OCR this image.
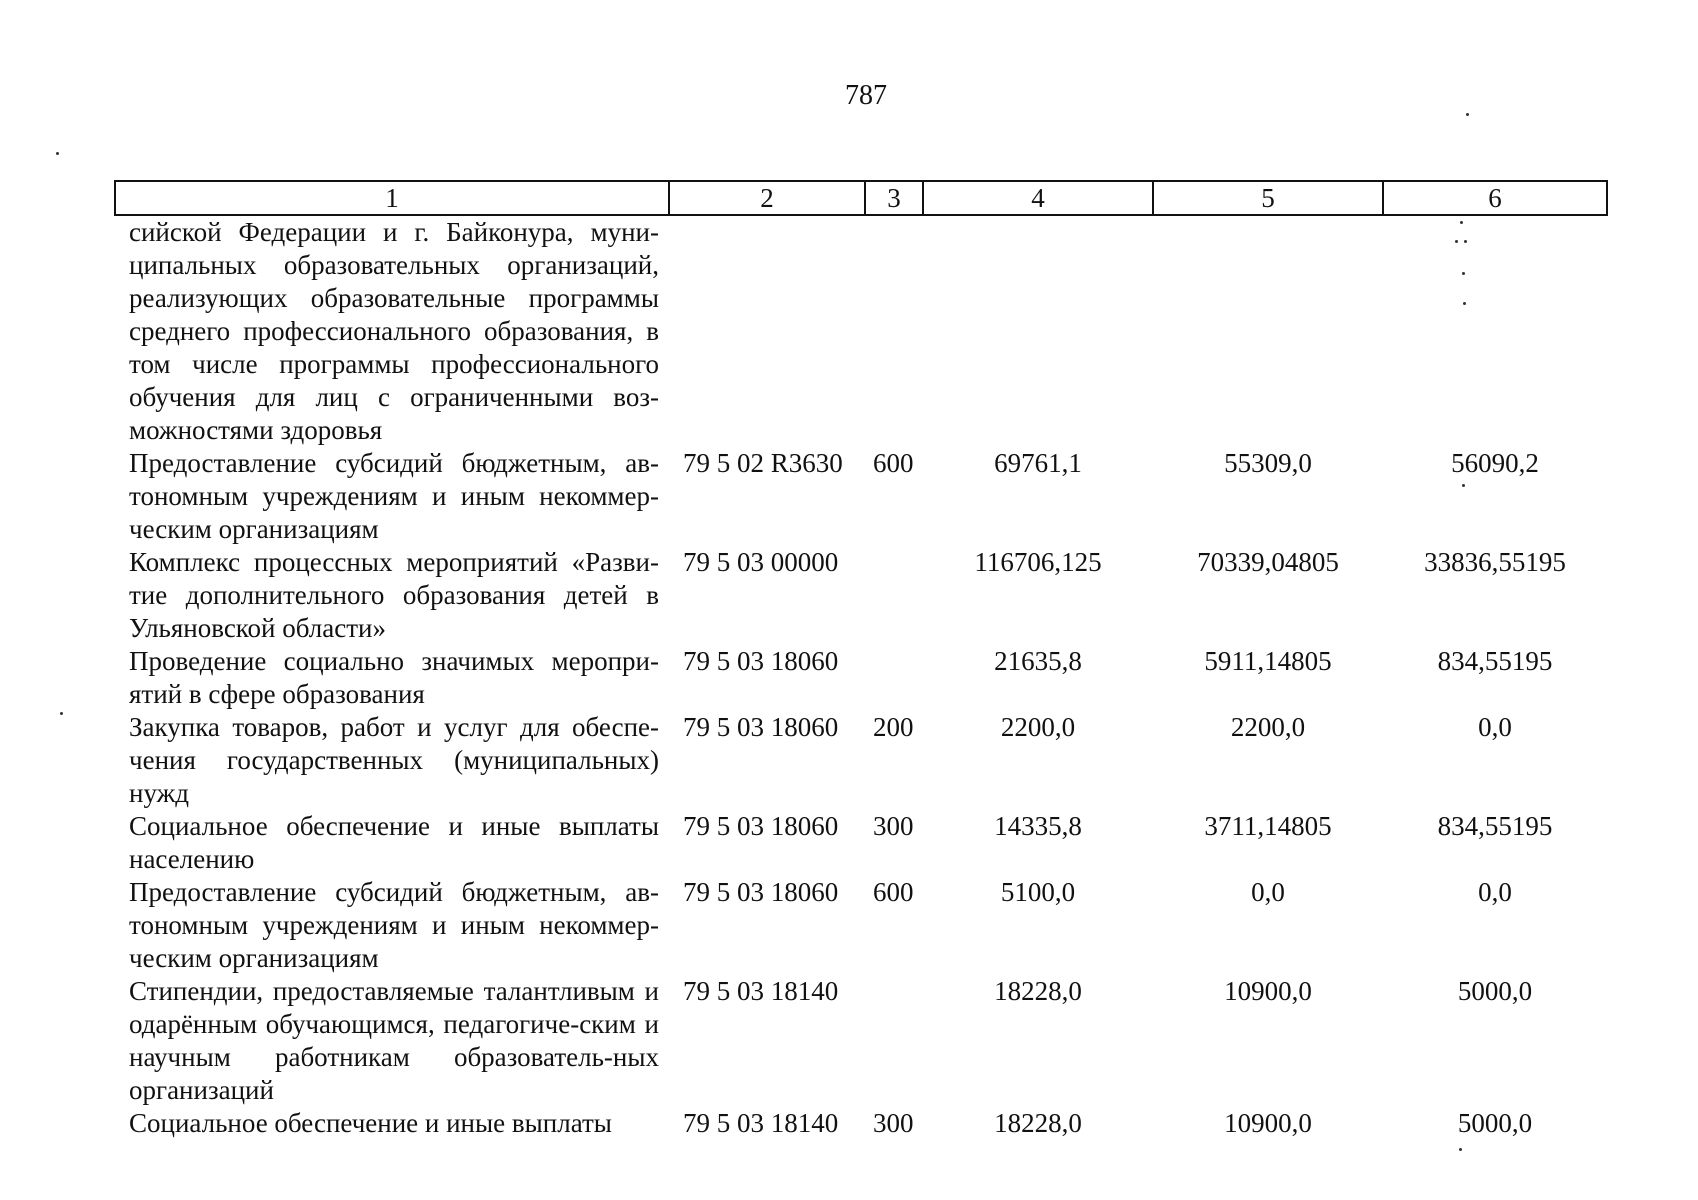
787
1	2	3	4	5	6
сийской Федерации и г. Байконура, муни-ципальных образовательных организаций, реализующих образовательные программы среднего профессионального образования, в том числе программы профессионального обучения для лиц с ограниченными воз-можностями здоровья					
Предоставление субсидий бюджетным, ав-тономным учреждениям и иным некоммер-ческим организациям	79 5 02 R3630	600	69761,1	55309,0	56090,2
Комплекс процессных мероприятий «Разви-тие дополнительного образования детей в Ульяновской области»	79 5 03 00000		116706,125	70339,04805	33836,55195
Проведение социально значимых меропри-ятий в сфере образования	79 5 03 18060		21635,8	5911,14805	834,55195
Закупка товаров, работ и услуг для обеспе-чения государственных (муниципальных) нужд	79 5 03 18060	200	2200,0	2200,0	0,0
Социальное обеспечение и иные выплаты населению	79 5 03 18060	300	14335,8	3711,14805	834,55195
Предоставление субсидий бюджетным, ав-тономным учреждениям и иным некоммер-ческим организациям	79 5 03 18060	600	5100,0	0,0	0,0
Стипендии, предоставляемые талантливым и одарённым обучающимся, педагогиче-ским и научным работникам образователь-ных организаций	79 5 03 18140		18228,0	10900,0	5000,0
Социальное обеспечение и иные выплаты	79 5 03 18140	300	18228,0	10900,0	5000,0
